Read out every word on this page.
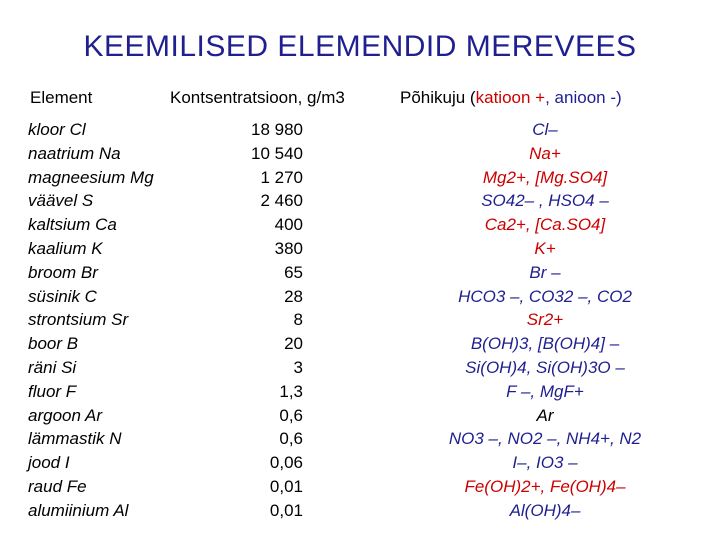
KEEMILISED ELEMENDID MEREVEES
Element	Kontsentratsioon, g/m3	Põhikuju (katioon +, anioon -)
kloor Cl	18 980	Cl–
naatrium Na	10 540	Na+
magneesium Mg	1 270	Mg2+, [Mg.SO4]
väävel S	2 460	SO42– , HSO4 –
kaltsium Ca	400	Ca2+, [Ca.SO4]
kaalium K	380	K+
broom Br	65	Br –
süsinik C	28	HCO3 –, CO32 –, CO2
strontsium Sr	8	Sr2+
boor B	20	B(OH)3, [B(OH)4] –
räni Si	3	Si(OH)4, Si(OH)3O –
fluor F	1,3	F –, MgF+
argoon Ar	0,6	Ar
lämmastik N	0,6	NO3 –, NO2 –, NH4+, N2
jood I	0,06	I–, IO3 –
raud Fe	0,01	Fe(OH)2+, Fe(OH)4–
alumiinium Al	0,01	Al(OH)4–
